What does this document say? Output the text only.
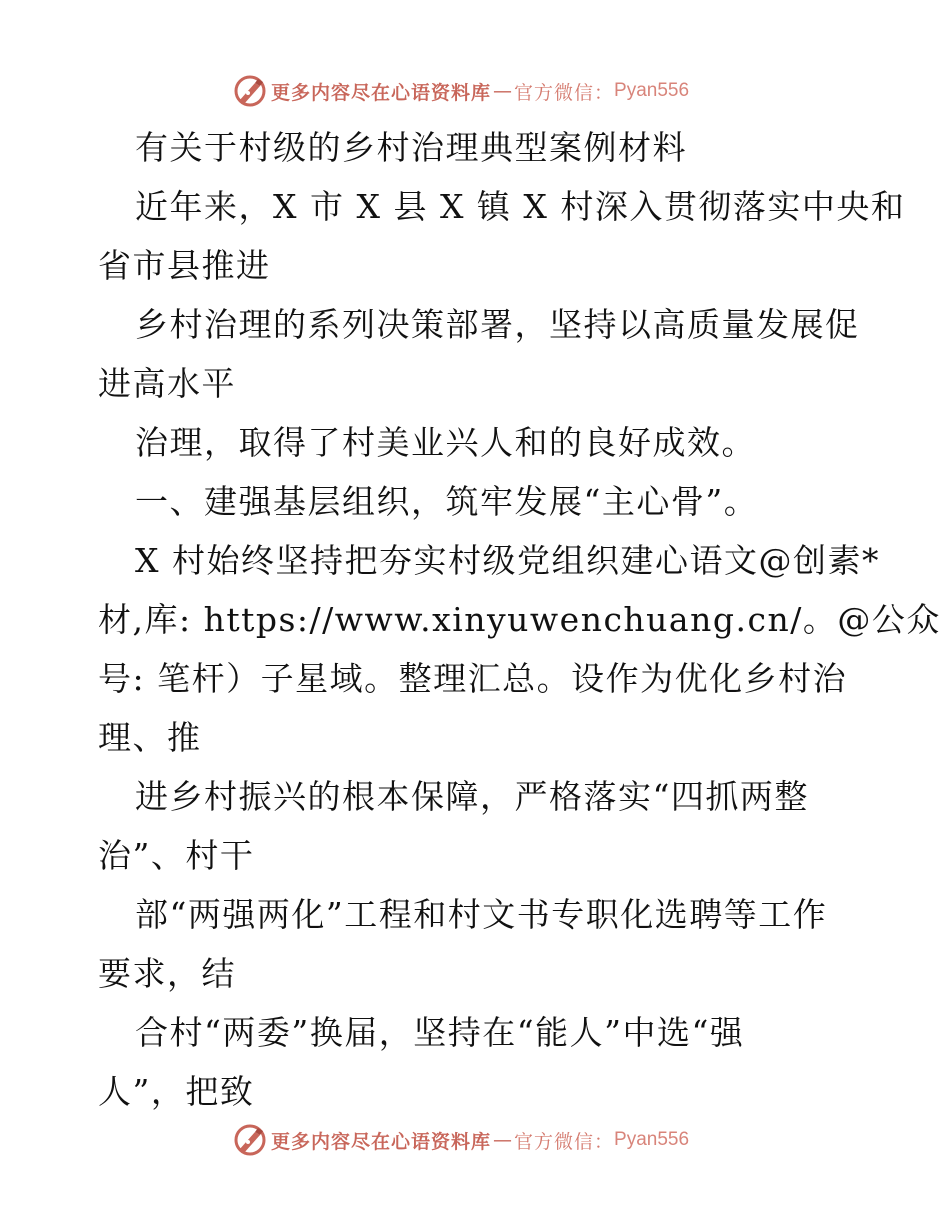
更多内容尽在心语资料库 — 官方微信： Pyan556
有关于村级的乡村治理典型案例材料
近年来，X 市 X 县 X 镇 X 村深入贯彻落实中央和
省市县推进
乡村治理的系列决策部署，坚持以高质量发展促
进高水平
治理，取得了村美业兴人和的良好成效。
一、建强基层组织，筑牢发展“主心骨”。
X 村始终坚持把夯实村级党组织建心语文@创素*
材,库: https://www.xinyuwenchuang.cn/。@公众
号: 笔杆）子星域。整理汇总。设作为优化乡村治
理、推
进乡村振兴的根本保障，严格落实“四抓两整
治”、村干
部“两强两化”工程和村文书专职化选聘等工作
要求，结
合村“两委”换届，坚持在“能人”中选“强
人”，把致
更多内容尽在心语资料库 — 官方微信： Pyan556
